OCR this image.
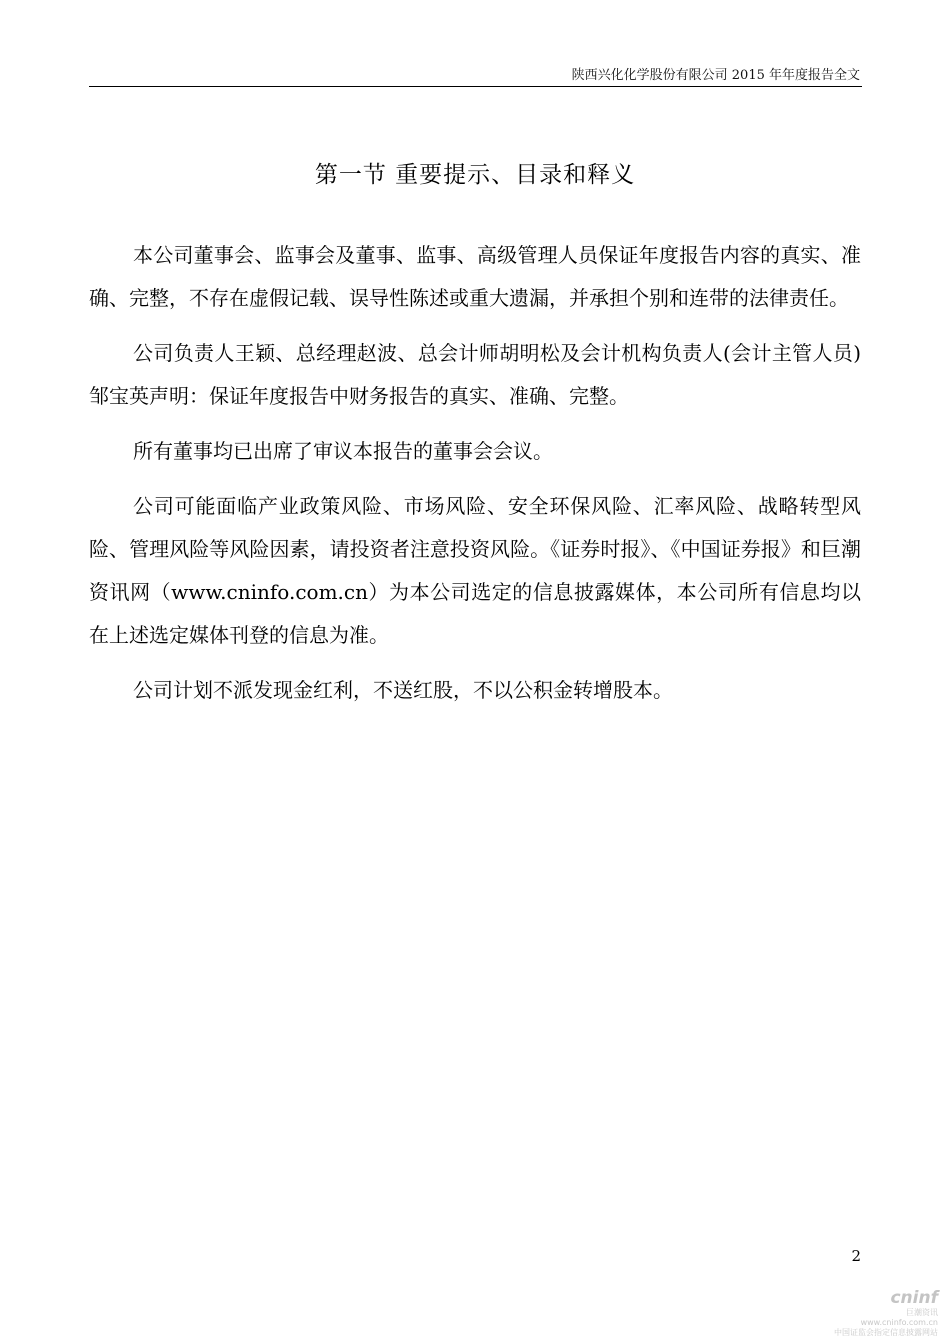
陕西兴化化学股份有限公司 2015 年年度报告全文
第一节 重要提示、目录和释义

本公司董事会、监事会及董事、监事、高级管理人员保证年度报告内容的真实、准确、完整，不存在虚假记载、误导性陈述或重大遗漏，并承担个别和连带的法律责任。

公司负责人王颖、总经理赵波、总会计师胡明松及会计机构负责人(会计主管人员)邹宝英声明：保证年度报告中财务报告的真实、准确、完整。

所有董事均已出席了审议本报告的董事会会议。

公司可能面临产业政策风险、市场风险、安全环保风险、汇率风险、战略转型风险、管理风险等风险因素，请投资者注意投资风险。《证券时报》、《中国证券报》和巨潮资讯网（www.cninfo.com.cn）为本公司选定的信息披露媒体，本公司所有信息均以在上述选定媒体刊登的信息为准。

公司计划不派发现金红利，不送红股，不以公积金转增股本。

2
cninf
巨潮资讯
www.cninfo.com.cn
中国证监会指定信息披露网站
